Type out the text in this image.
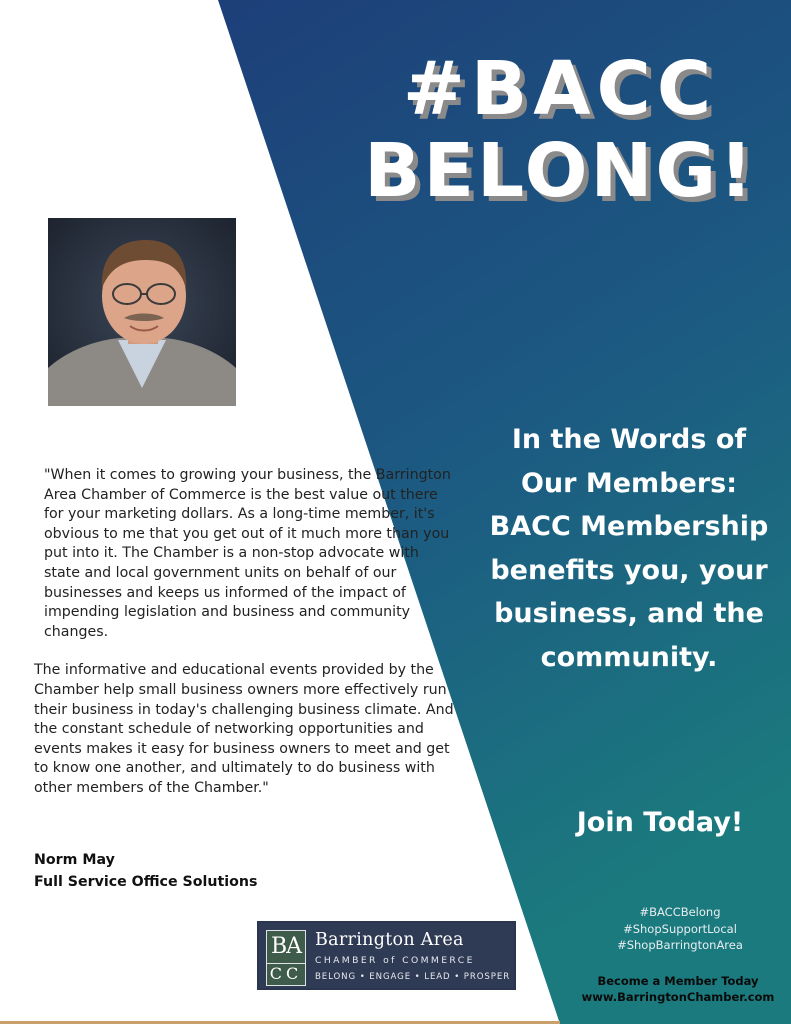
#BACC
BELONG!

"When it comes to growing your business, the Barrington Area Chamber of Commerce is the best value out there for your marketing dollars. As a long-time member, it's obvious to me that you get out of it much more than you put into it. The Chamber is a non-stop advocate with state and local government units on behalf of our businesses and keeps us informed of the impact of impending legislation and business and community changes.

The informative and educational events provided by the Chamber help small business owners more effectively run their business in today's challenging business climate. And the constant schedule of networking opportunities and events makes it easy for business owners to meet and get to know one another, and ultimately to do business with other members of the Chamber."

Norm May
Full Service Office Solutions
In the Words of
Our Members:
BACC Membership
benefits you, your
business, and the
community.
Join Today!
#BACCBelong
#ShopSupportLocal
#ShopBarringtonArea
Become a Member Today
www.BarringtonChamber.com
BA
CC
Barrington Area
CHAMBER of COMMERCE
BELONG • ENGAGE • LEAD • PROSPER
